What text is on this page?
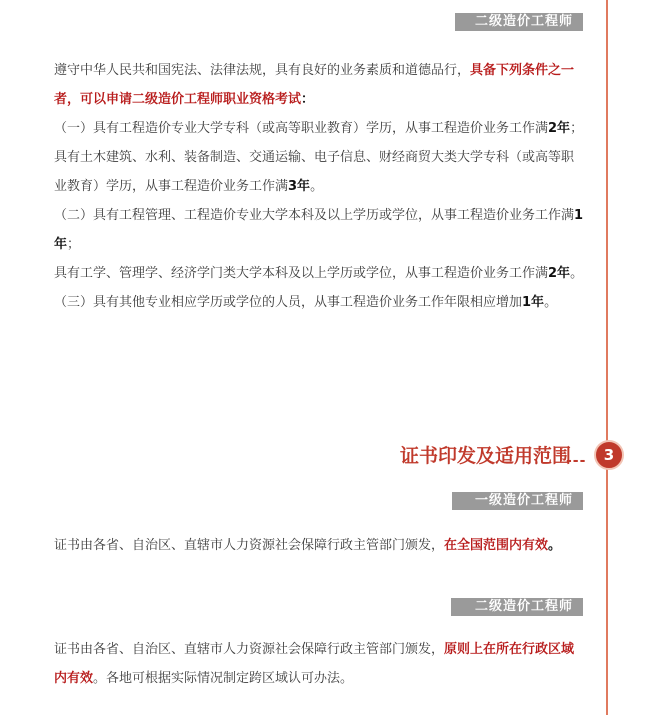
二级造价工程师

遵守中华人民共和国宪法、法律法规，具有良好的业务素质和道德品行，具备下列条件之一者，可以申请二级造价工程师职业资格考试：

（一）具有工程造价专业大学专科（或高等职业教育）学历，从事工程造价业务工作满2年；

具有土木建筑、水利、装备制造、交通运输、电子信息、财经商贸大类大学专科（或高等职业教育）学历，从事工程造价业务工作满3年。

（二）具有工程管理、工程造价专业大学本科及以上学历或学位，从事工程造价业务工作满1年；

具有工学、管理学、经济学门类大学本科及以上学历或学位，从事工程造价业务工作满2年。

（三）具有其他专业相应学历或学位的人员，从事工程造价业务工作年限相应增加1年。

证书印发及适用范围
---	3
一级造价工程师

证书由各省、自治区、直辖市人力资源社会保障行政主管部门颁发，在全国范围内有效。

二级造价工程师

证书由各省、自治区、直辖市人力资源社会保障行政主管部门颁发，原则上在所在行政区域内有效。各地可根据实际情况制定跨区域认可办法。
